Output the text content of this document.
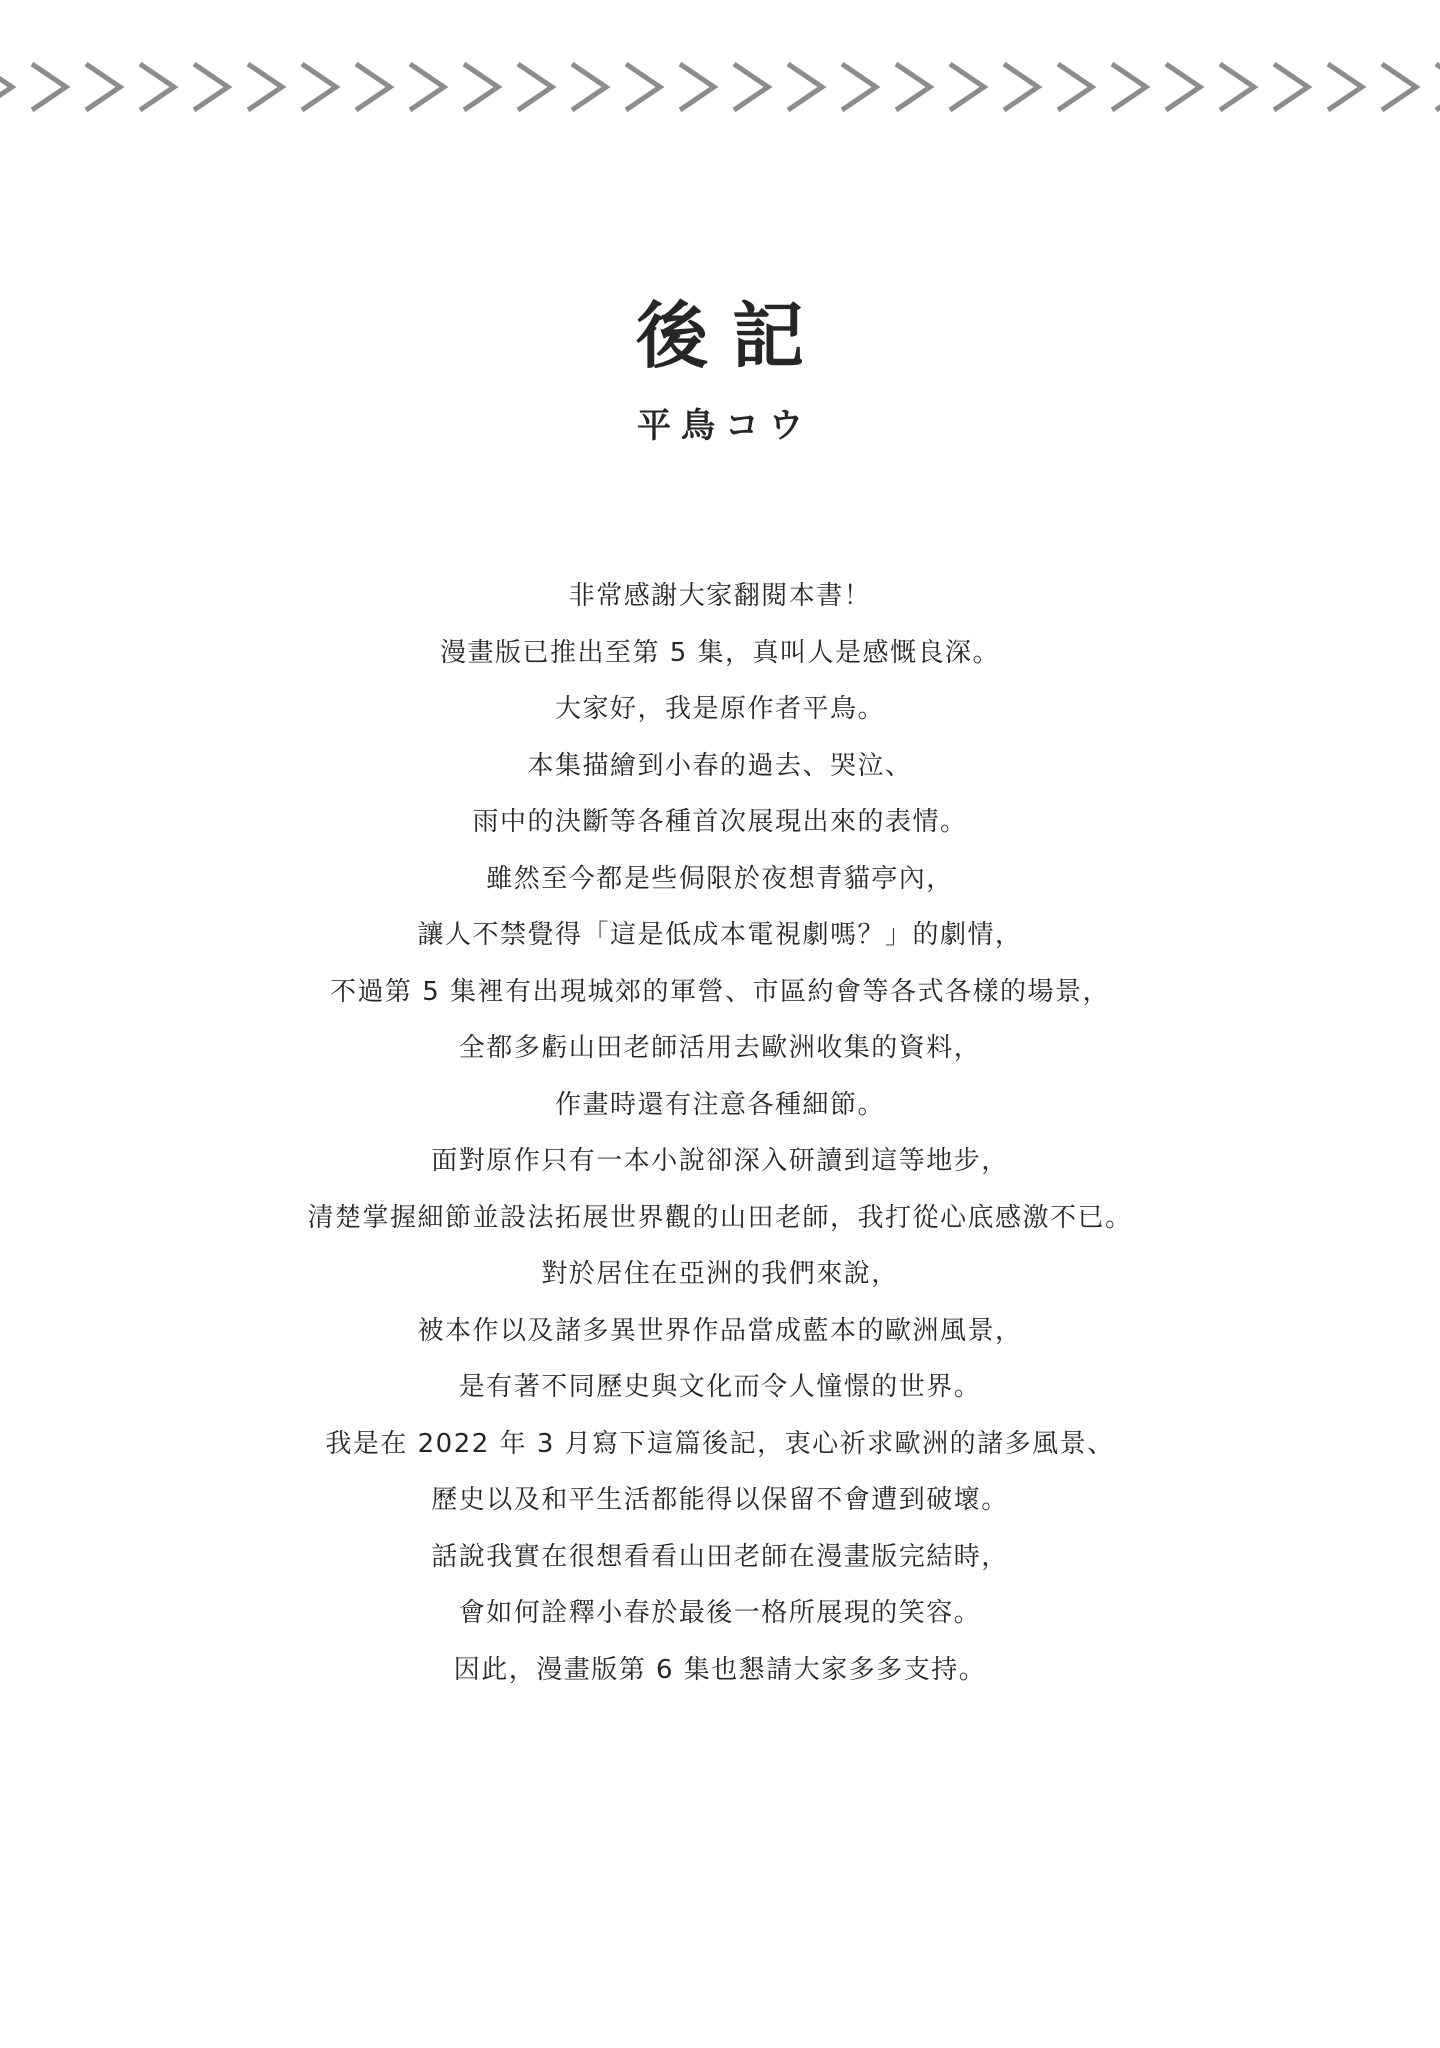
後記
平鳥コウ
非常感謝大家翻閱本書！
漫畫版已推出至第 5 集，真叫人是感慨良深。
大家好，我是原作者平鳥。
本集描繪到小春的過去、哭泣、
雨中的決斷等各種首次展現出來的表情。
雖然至今都是些侷限於夜想青貓亭內，
讓人不禁覺得「這是低成本電視劇嗎？」的劇情，
不過第 5 集裡有出現城郊的軍營、市區約會等各式各樣的場景，
全都多虧山田老師活用去歐洲收集的資料，
作畫時還有注意各種細節。
面對原作只有一本小說卻深入研讀到這等地步，
清楚掌握細節並設法拓展世界觀的山田老師，我打從心底感激不已。
對於居住在亞洲的我們來說，
被本作以及諸多異世界作品當成藍本的歐洲風景，
是有著不同歷史與文化而令人憧憬的世界。
我是在 2022 年 3 月寫下這篇後記，衷心祈求歐洲的諸多風景、
歷史以及和平生活都能得以保留不會遭到破壞。
話說我實在很想看看山田老師在漫畫版完結時，
會如何詮釋小春於最後一格所展現的笑容。
因此，漫畫版第 6 集也懇請大家多多支持。
